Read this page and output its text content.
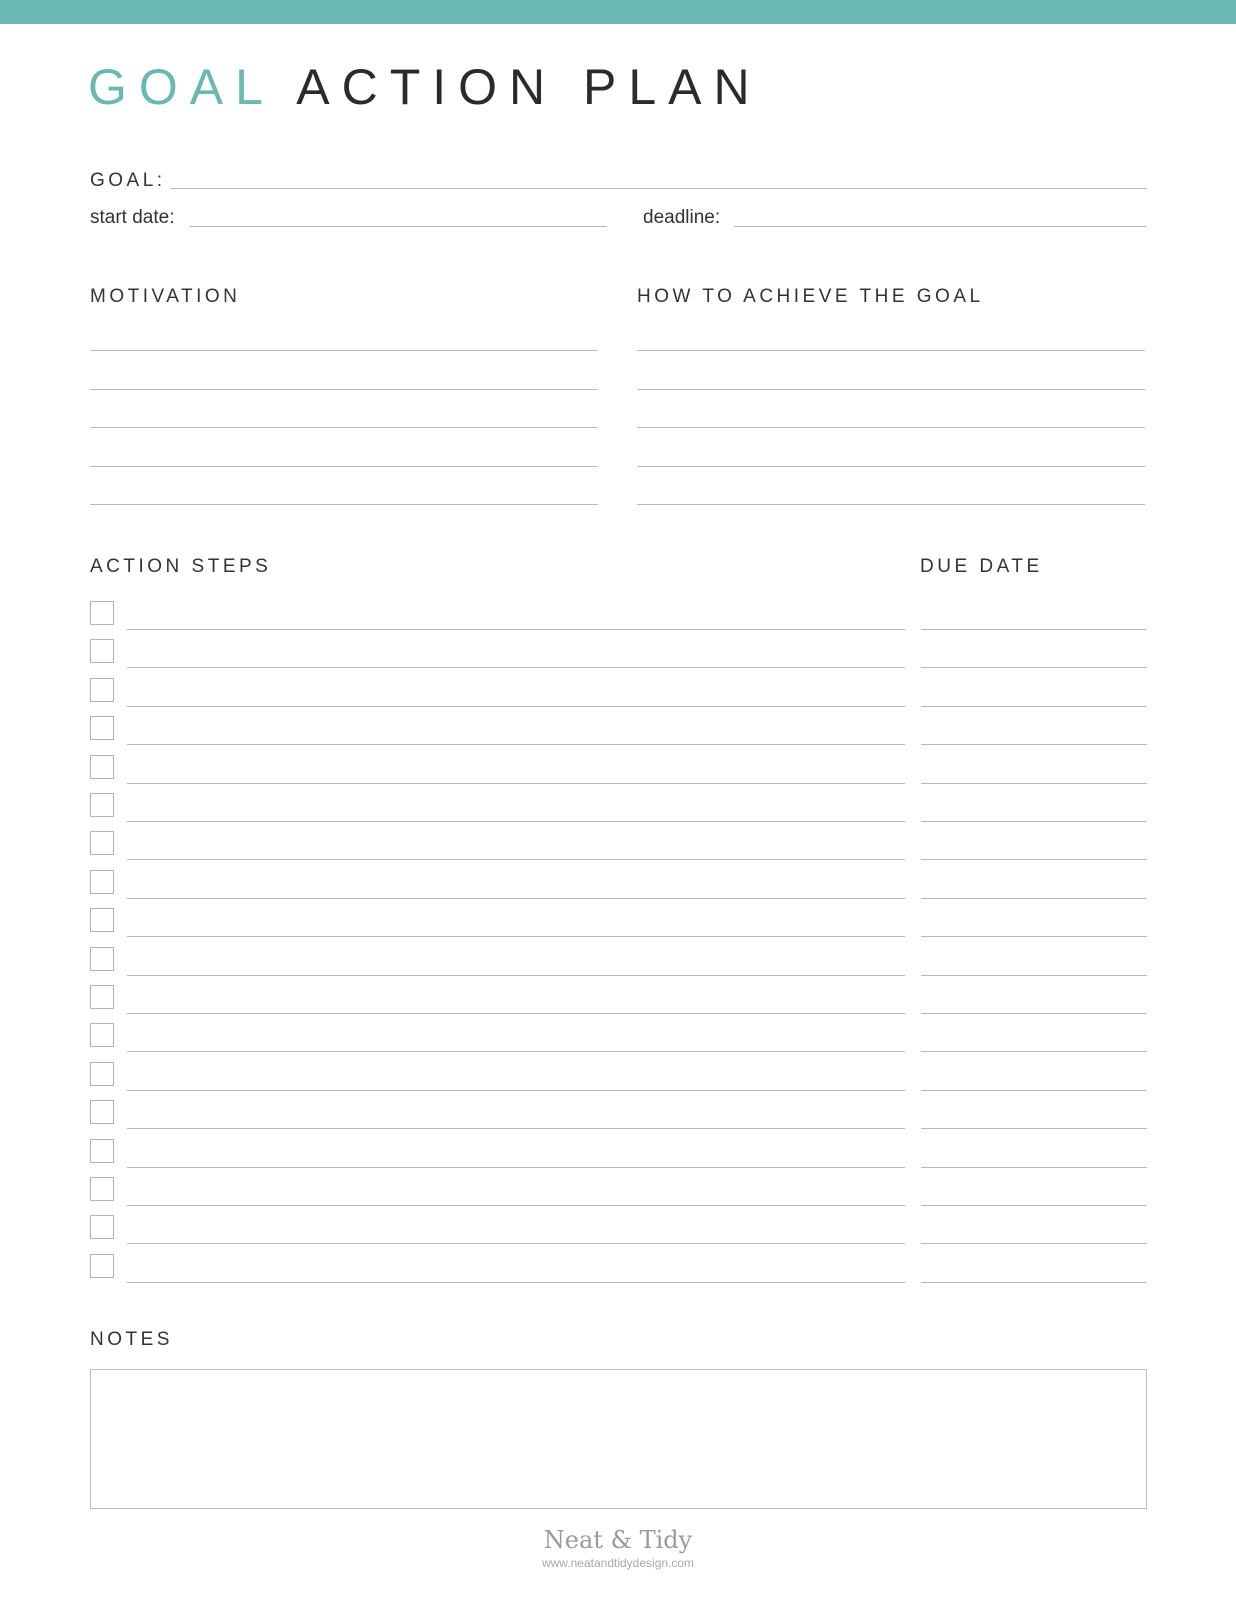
GOAL ACTION PLAN
GOAL:
start date:	deadline:
MOTIVATION	HOW TO ACHIEVE THE GOAL
ACTION STEPS	DUE DATE
NOTES
Neat & Tidy
www.neatandtidydesign.com
